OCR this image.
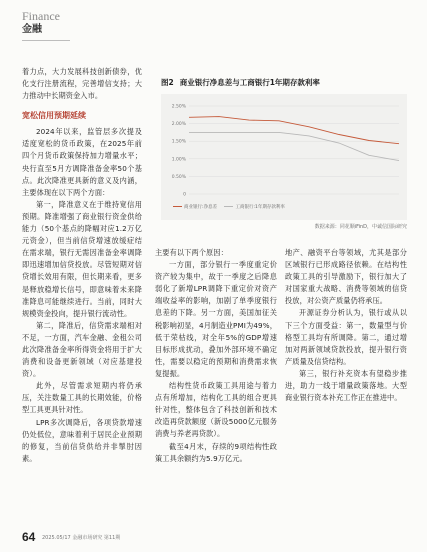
Finance
金融

着力点，大力发展科技创新债券，优化支行注册流程，完善增信支持；大力推动中长期资金入市。

宽松信用预期延续

2024年以来，监管层多次提及适度宽松的货币政策，在2025年前四个月货币政策保持加力增量水平；央行直至5月方调降准备金率50个基点。此次降准更具新的意义及内涵，主要体现在以下两个方面：

第一，降准意义在于维持宽信用预期。降准增强了商业银行资金供给能力（50个基点的降幅对应1.2万亿元资金），但当前信贷增速放缓症结在需求端，银行无需因准备金率调降即迅速增加信贷投放。尽管短期对信贷增长效用有限，但长期来看，更多是释放稳增长信号，即意味着未来降准降息可能继续进行。当前，同时大规模资金投向，提升银行流动性。

第二，降准后，信贷需求端相对不足，一方面，汽车金融、金租公司此次降准备金率所得资金将用于扩大消费和设备更新领域（对应基建投资）。

此外，尽管需求短期内将仍承压，关注数量工具的长期效能，价格型工具更具针对性。

LPR多次调降后，各项贷款增速仍处低位，意味着利于居民企业预期的修复，当前信贷供给并非掣肘因素。

图2 商业银行净息差与工商银行1年期存款利率
2.50%
2.00%
1.50%
1.00%
0.50%
0
商业银行:净息差	工商银行:1年期存款利率
数据来源：同花顺iFinD，中诚信国际研究

主要有以下两个原因：

一方面，部分银行一季度重定价资产较为集中，故于一季度之后降息弱化了新增LPR调降下重定价对资产端收益率的影响，加剧了单季度银行息差的下降。另一方面，美国加征关税影响初显，4月制造业PMI为49%，低于荣枯线，对全年5%的GDP增速目标形成扰动，叠加外部环境不确定性，需要以稳定的预期和消费需求恢复提振。

结构性货币政策工具用途与着力点有所增加，结构化工具的组合更具针对性，整体包含了科技创新和技术改造再贷款额度（新设5000亿元服务消费与养老再贷款）。

截至4月末，存续的9项结构性政策工具余额约为5.9万亿元。

地产、融资平台等领域，尤其是部分区域银行已形成路径依赖。在结构性政策工具的引导激励下，银行加大了对国家重大战略、消费等领域的信贷投放，对公资产质量仍将承压。

开源证券分析认为，银行或从以下三个方面受益：第一，数量型与价格型工具均有所调降。第二，通过增加对两新领域贷款投放，提升银行资产质量及信贷结构。

第三，银行补充资本有望稳步推进，助力一线于增量政策落地。大型商业银行资本补充工作正在推进中。

64 2025.05/17 金融市场研究 第11期
